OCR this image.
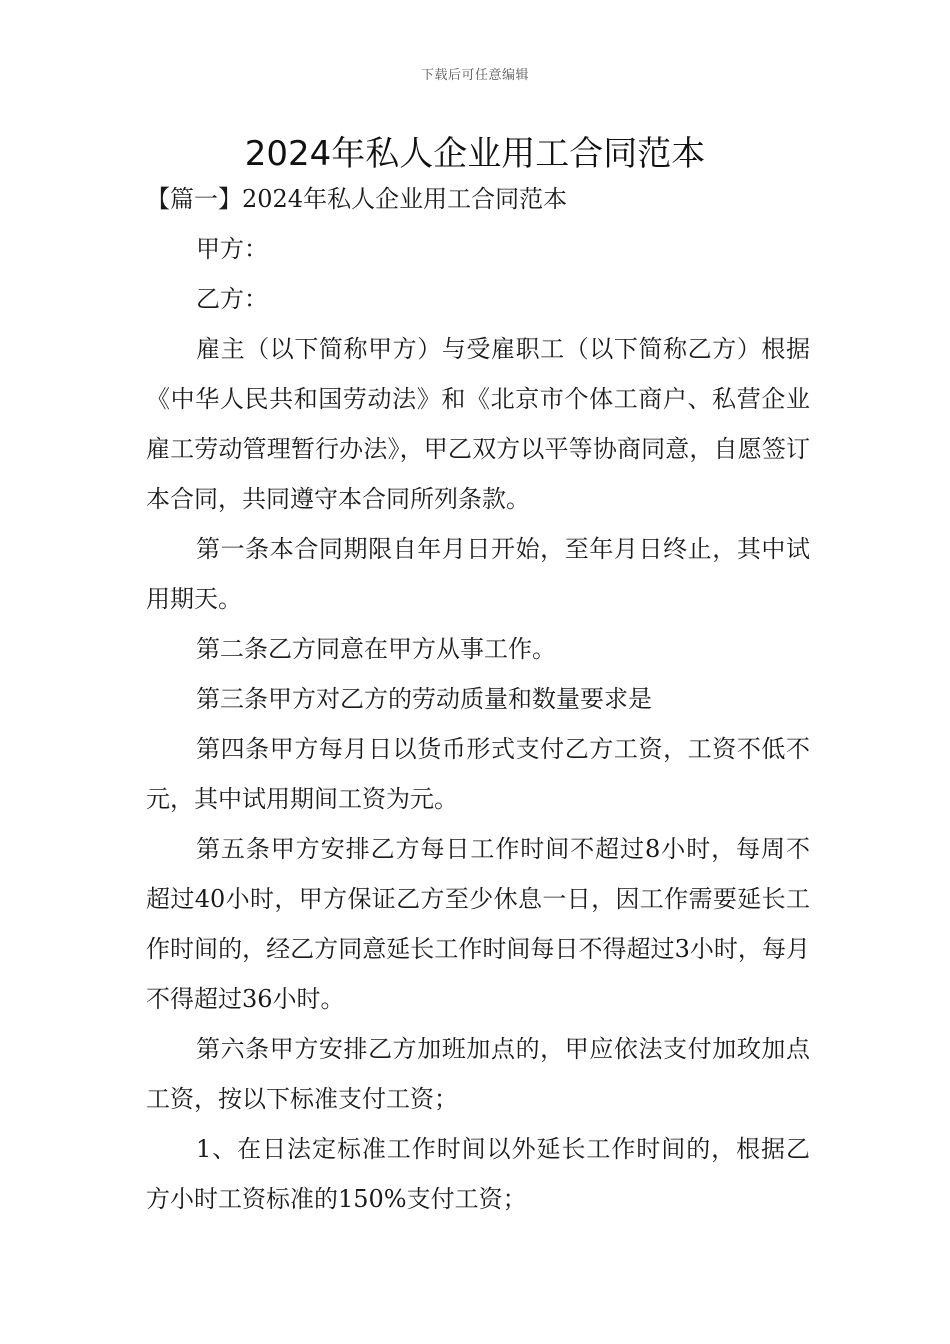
下载后可任意编辑
2024年私人企业用工合同范本

【篇一】2024年私人企业用工合同范本

甲方：

乙方：

雇主（以下简称甲方）与受雇职工（以下简称乙方）根据《中华人民共和国劳动法》和《北京市个体工商户、私营企业雇工劳动管理暂行办法》，甲乙双方以平等协商同意，自愿签订本合同，共同遵守本合同所列条款。

第一条本合同期限自年月日开始，至年月日终止，其中试用期天。

第二条乙方同意在甲方从事工作。

第三条甲方对乙方的劳动质量和数量要求是

第四条甲方每月日以货币形式支付乙方工资，工资不低不元，其中试用期间工资为元。

第五条甲方安排乙方每日工作时间不超过8小时，每周不超过40小时，甲方保证乙方至少休息一日，因工作需要延长工作时间的，经乙方同意延长工作时间每日不得超过3小时，每月不得超过36小时。

第六条甲方安排乙方加班加点的，甲应依法支付加玫加点工资，按以下标准支付工资；

1、在日法定标准工作时间以外延长工作时间的，根据乙方小时工资标准的150%支付工资；
